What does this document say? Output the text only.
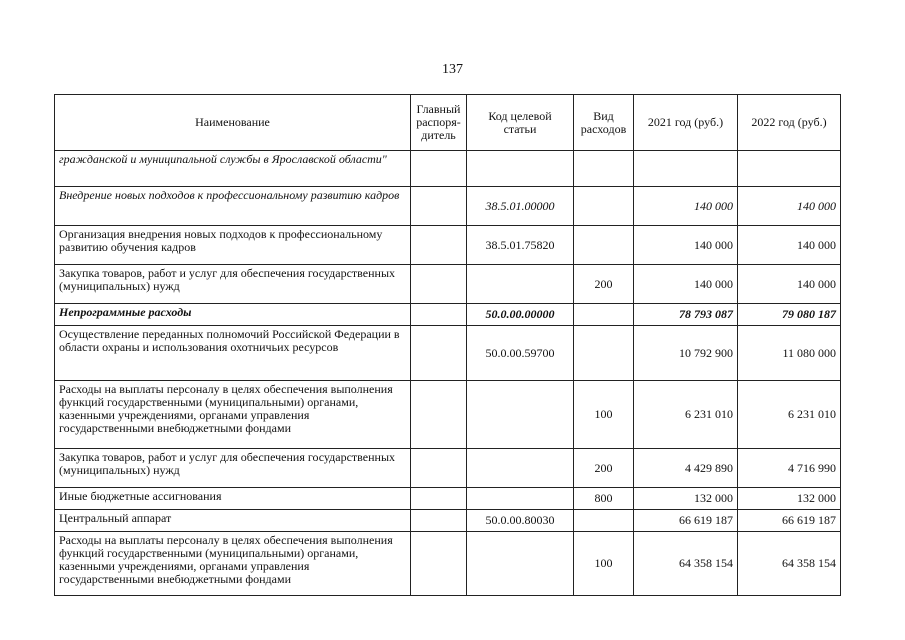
137
Наименование	Главный распоря-дитель	Код целевой статьи	Вид расходов	2021 год (руб.)	2022 год (руб.)
гражданской и муниципальной службы в Ярославской области"					
Внедрение новых подходов к профессиональному развитию кадров		38.5.01.00000		140 000	140 000
Организация внедрения новых подходов к профессиональному развитию обучения кадров		38.5.01.75820		140 000	140 000
Закупка товаров, работ и услуг для обеспечения государственных (муниципальных) нужд			200	140 000	140 000
Непрограммные расходы		50.0.00.00000		78 793 087	79 080 187
Осуществление переданных полномочий Российской Федерации в области охраны и использования охотничьих ресурсов		50.0.00.59700		10 792 900	11 080 000
Расходы на выплаты персоналу в целях обеспечения выполнения функций государственными (муниципальными) органами, казенными учреждениями, органами управления государственными внебюджетными фондами			100	6 231 010	6 231 010
Закупка товаров, работ и услуг для обеспечения государственных (муниципальных) нужд			200	4 429 890	4 716 990
Иные бюджетные ассигнования			800	132 000	132 000
Центральный аппарат		50.0.00.80030		66 619 187	66 619 187
Расходы на выплаты персоналу в целях обеспечения выполнения функций государственными (муниципальными) органами, казенными учреждениями, органами управления государственными внебюджетными фондами			100	64 358 154	64 358 154
